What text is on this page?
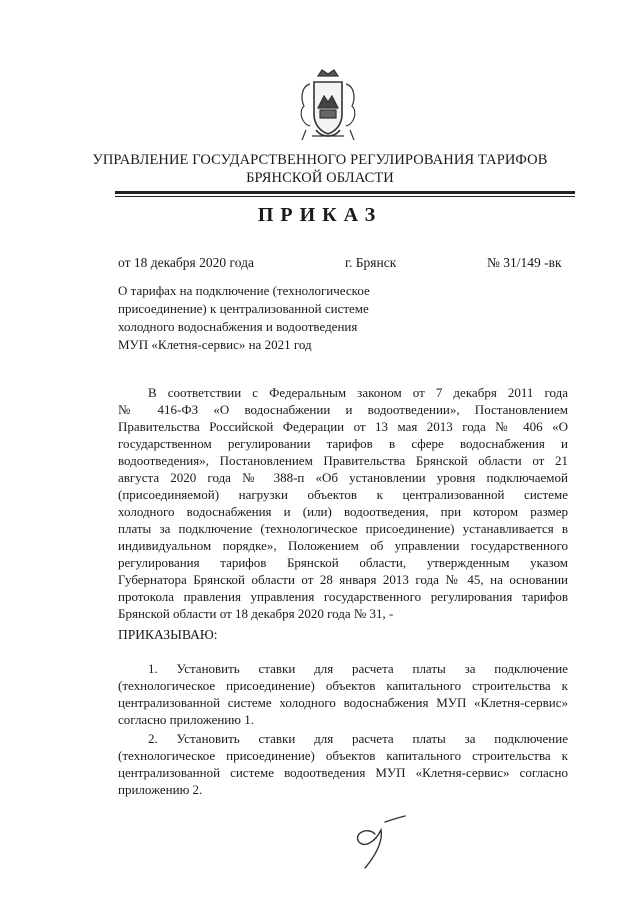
УПРАВЛЕНИЕ ГОСУДАРСТВЕННОГО РЕГУЛИРОВАНИЯ ТАРИФОВ
БРЯНСКОЙ ОБЛАСТИ
ПРИКАЗ
от 18 декабря 2020 года	г. Брянск	№ 31/149 -вк
О тарифах на подключение (технологическое
присоединение) к централизованной системе
холодного водоснабжения и водоотведения
МУП «Клетня-сервис» на 2021 год
В соответствии с Федеральным законом от 7 декабря 2011 года
№ 416-ФЗ «О водоснабжении и водоотведении», Постановлением
Правительства Российской Федерации от 13 мая 2013 года № 406 «О
государственном регулировании тарифов в сфере водоснабжения и
водоотведения», Постановлением Правительства Брянской области от 21
августа 2020 года № 388-п «Об установлении уровня подключаемой
(присоединяемой) нагрузки объектов к централизованной системе
холодного водоснабжения и (или) водоотведения, при котором размер
платы за подключение (технологическое присоединение) устанавливается в
индивидуальном порядке», Положением об управлении государственного
регулирования тарифов Брянской области, утвержденным указом
Губернатора Брянской области от 28 января 2013 года № 45, на основании
протокола правления управления государственного регулирования тарифов
Брянской области от 18 декабря 2020 года № 31, -
ПРИКАЗЫВАЮ:
1. Установить ставки для расчета платы за подключение
(технологическое присоединение) объектов капитального строительства к
централизованной системе холодного водоснабжения МУП «Клетня-сервис»
согласно приложению 1.
2. Установить ставки для расчета платы за подключение
(технологическое присоединение) объектов капитального строительства к
централизованной системе водоотведения МУП «Клетня-сервис» согласно
приложению 2.
